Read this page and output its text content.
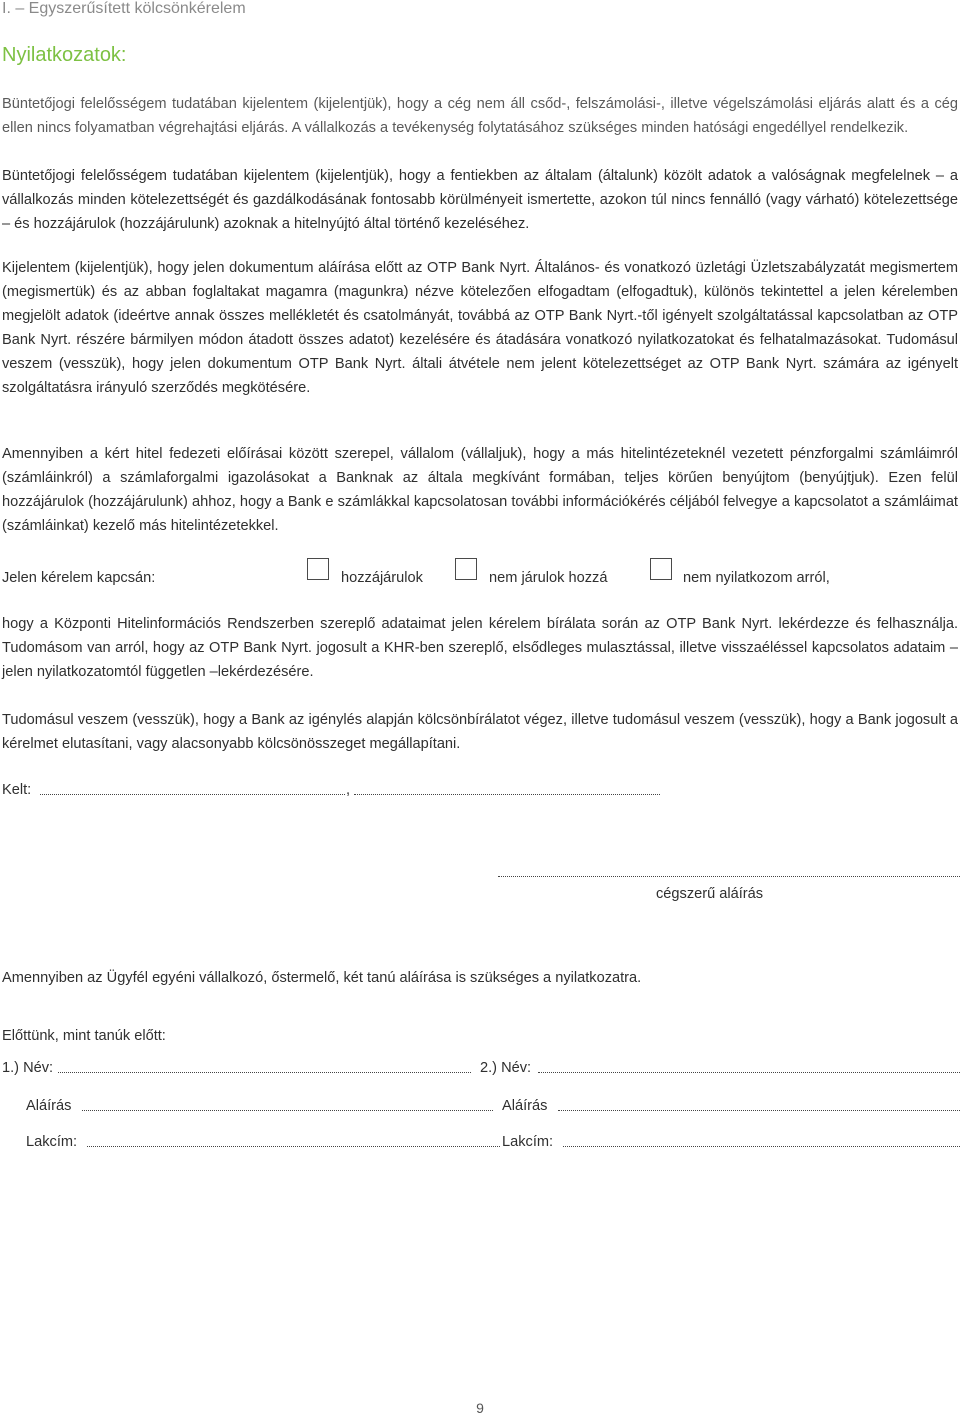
I. – Egyszerűsített kölcsönkérelem
Nyilatkozatok:

Büntetőjogi felelősségem tudatában kijelentem (kijelentjük), hogy a cég nem áll csőd-, felszámolási-, illetve végelszámolási eljárás alatt és a cég ellen nincs folyamatban végrehajtási eljárás. A vállalkozás a tevékenység folytatásához szükséges minden hatósági engedéllyel rendelkezik.

Büntetőjogi felelősségem tudatában kijelentem (kijelentjük), hogy a fentiekben az általam (általunk) közölt adatok a valóságnak megfelelnek – a vállalkozás minden kötelezettségét és gazdálkodásának fontosabb körülményeit ismertette, azokon túl nincs fennálló (vagy várható) kötelezettsége – és hozzájárulok (hozzájárulunk) azoknak a hitelnyújtó által történő kezeléséhez.

Kijelentem (kijelentjük), hogy jelen dokumentum aláírása előtt az OTP Bank Nyrt. Általános- és vonatkozó üzletági Üzletszabályzatát megismertem (megismertük) és az abban foglaltakat magamra (magunkra) nézve kötelezően elfogadtam (elfogadtuk), különös tekintettel a jelen kérelemben megjelölt adatok (ideértve annak összes mellékletét és csatolmányát, továbbá az OTP Bank Nyrt.-től igényelt szolgáltatással kapcsolatban az OTP Bank Nyrt. részére bármilyen módon átadott összes adatot) kezelésére és átadására vonatkozó nyilatkozatokat és felhatalmazásokat. Tudomásul veszem (vesszük), hogy jelen dokumentum OTP Bank Nyrt. általi átvétele nem jelent kötelezettséget az OTP Bank Nyrt. számára az igényelt szolgáltatásra irányuló szerződés megkötésére.

Amennyiben a kért hitel fedezeti előírásai között szerepel, vállalom (vállaljuk), hogy a más hitelintézeteknél vezetett pénzforgalmi számláimról (számláinkról) a számlaforgalmi igazolásokat a Banknak az általa megkívánt formában, teljes körűen benyújtom (benyújtjuk). Ezen felül hozzájárulok (hozzájárulunk) ahhoz, hogy a Bank e számlákkal kapcsolatosan további információkérés céljából felvegye a kapcsolatot a számláimat (számláinkat) kezelő más hitelintézetekkel.

Jelen kérelem kapcsán:	hozzájárulok	nem járulok hozzá	nem nyilatkozom arról,

hogy a Központi Hitelinformációs Rendszerben szereplő adataimat jelen kérelem bírálata során az OTP Bank Nyrt. lekérdezze és felhasználja. Tudomásom van arról, hogy az OTP Bank Nyrt. jogosult a KHR-ben szereplő, elsődleges mulasztással, illetve visszaéléssel kapcsolatos adataim – jelen nyilatkozatomtól független –lekérdezésére.

Tudomásul veszem (vesszük), hogy a Bank az igénylés alapján kölcsönbírálatot végez, illetve tudomásul veszem (vesszük), hogy a Bank jogosult a kérelmet elutasítani, vagy alacsonyabb kölcsönösszeget megállapítani.

Kelt:	,
cégszerű aláírás

Amennyiben az Ügyfél egyéni vállalkozó, őstermelő, két tanú aláírása is szükséges a nyilatkozatra.

Előttünk, mint tanúk előtt:
1.) Név:	2.) Név:
Aláírás	Aláírás
Lakcím:	Lakcím:
9
